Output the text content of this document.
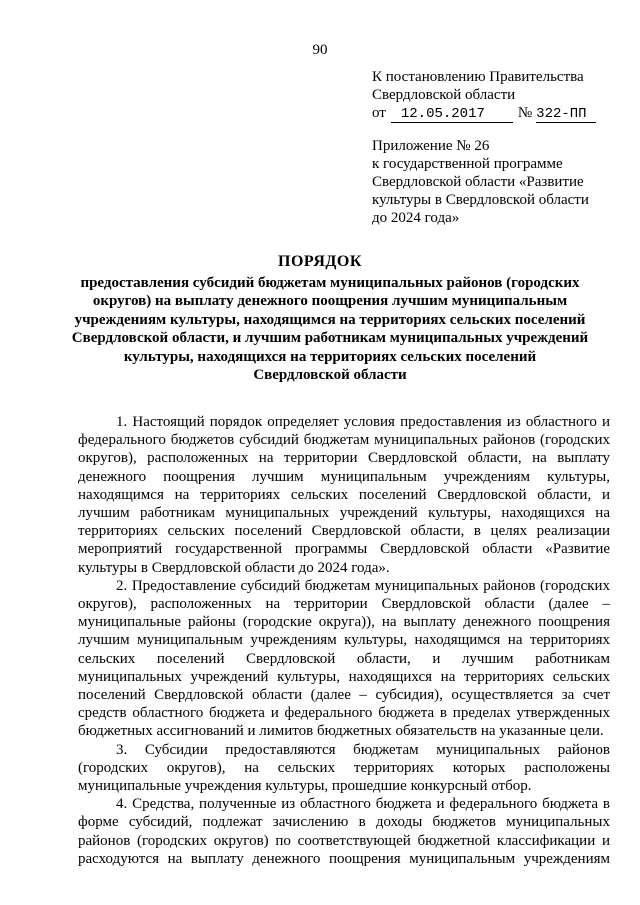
90
К постановлению Правительства
Свердловской области
от	12.05.2017	№ 322-ПП
Приложение № 26
к государственной программе
Свердловской области «Развитие
культуры в Свердловской области
до 2024 года»
ПОРЯДОК
предоставления субсидий бюджетам муниципальных районов (городских
округов) на выплату денежного поощрения лучшим муниципальным
учреждениям культуры, находящимся на территориях сельских поселений
Свердловской области, и лучшим работникам муниципальных учреждений
культуры, находящихся на территориях сельских поселений
Свердловской области
1. Настоящий порядок определяет условия предоставления из областного и
федерального бюджетов субсидий бюджетам муниципальных районов (городских
округов), расположенных на территории Свердловской области, на выплату
денежного поощрения лучшим муниципальным учреждениям культуры,
находящимся на территориях сельских поселений Свердловской области, и
лучшим работникам муниципальных учреждений культуры, находящихся на
территориях сельских поселений Свердловской области, в целях реализации
мероприятий государственной программы Свердловской области «Развитие
культуры в Свердловской области до 2024 года».
2. Предоставление субсидий бюджетам муниципальных районов (городских
округов), расположенных на территории Свердловской области (далее –
муниципальные районы (городские округа)), на выплату денежного поощрения
лучшим муниципальным учреждениям культуры, находящимся на территориях
сельских поселений Свердловской области, и лучшим работникам
муниципальных учреждений культуры, находящихся на территориях сельских
поселений Свердловской области (далее – субсидия), осуществляется за счет
средств областного бюджета и федерального бюджета в пределах утвержденных
бюджетных ассигнований и лимитов бюджетных обязательств на указанные цели.
3. Субсидии предоставляются бюджетам муниципальных районов
(городских округов), на сельских территориях которых расположены
муниципальные учреждения культуры, прошедшие конкурсный отбор.
4. Средства, полученные из областного бюджета и федерального бюджета в
форме субсидий, подлежат зачислению в доходы бюджетов муниципальных
районов (городских округов) по соответствующей бюджетной классификации и
расходуются на выплату денежного поощрения муниципальным учреждениям
